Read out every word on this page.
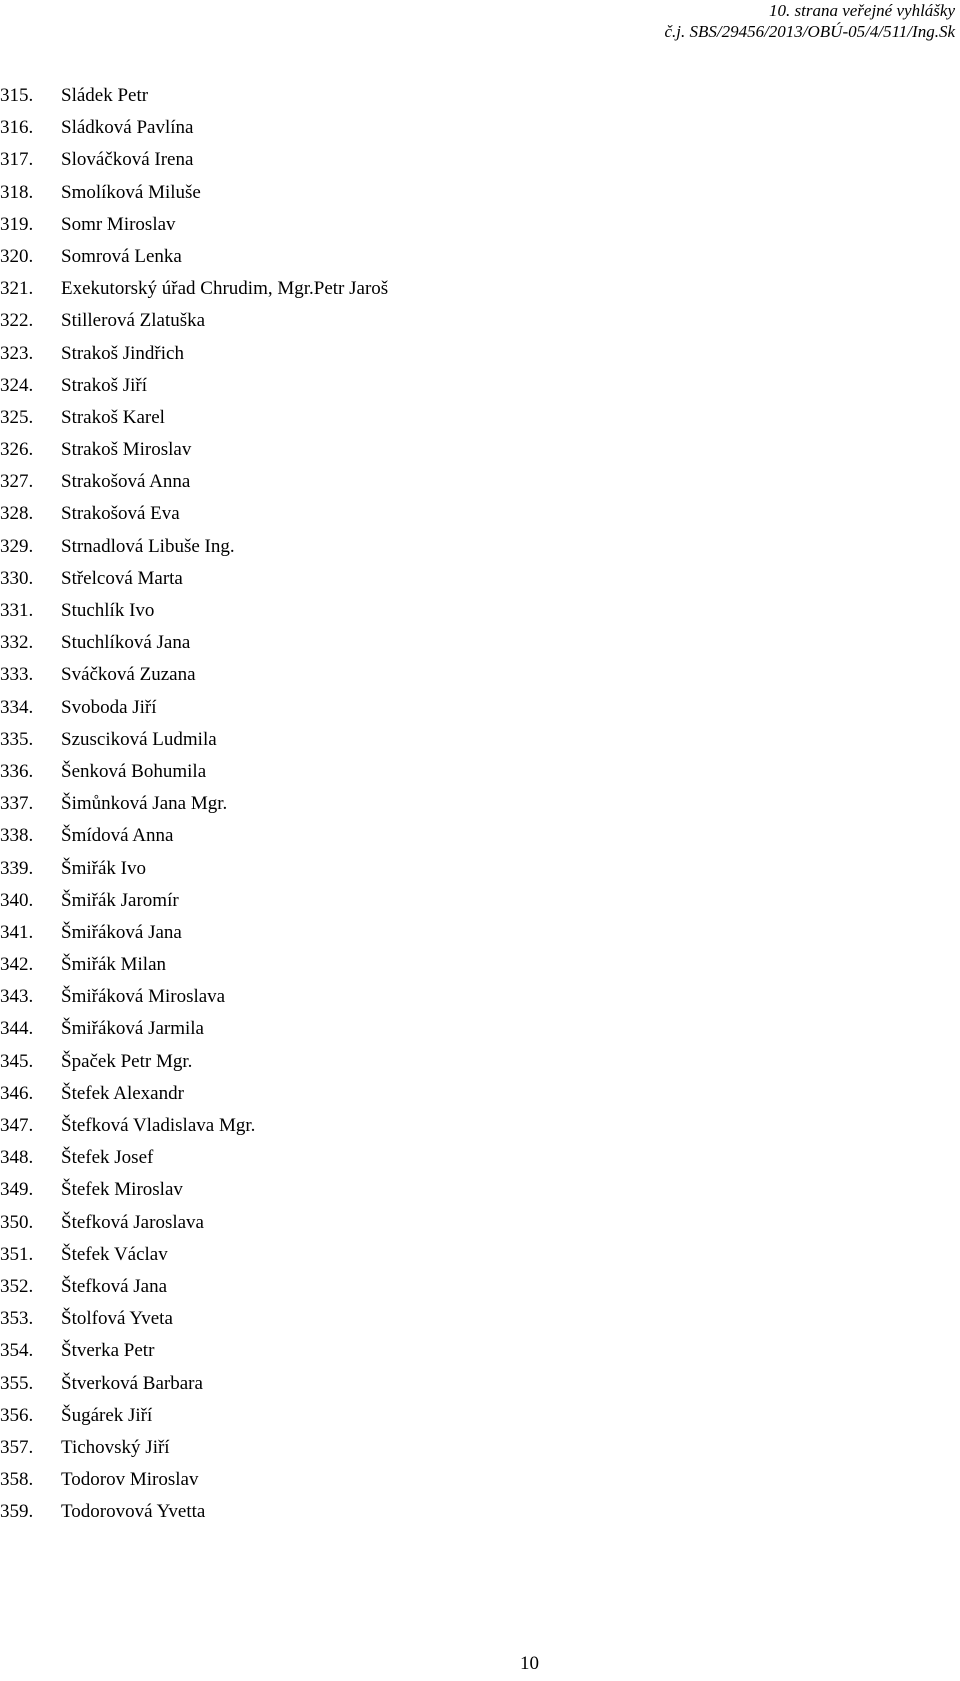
10. strana veřejné vyhlášky
č.j. SBS/29456/2013/OBÚ-05/4/511/Ing.Sk
315.	Sládek Petr
316.	Sládková Pavlína
317.	Slováčková Irena
318.	Smolíková Miluše
319.	Somr Miroslav
320.	Somrová Lenka
321.	Exekutorský úřad Chrudim, Mgr.Petr Jaroš
322.	Stillerová Zlatuška
323.	Strakoš Jindřich
324.	Strakoš Jiří
325.	Strakoš Karel
326.	Strakoš Miroslav
327.	Strakošová Anna
328.	Strakošová Eva
329.	Strnadlová Libuše Ing.
330.	Střelcová Marta
331.	Stuchlík Ivo
332.	Stuchlíková Jana
333.	Sváčková Zuzana
334.	Svoboda Jiří
335.	Szusciková Ludmila
336.	Šenková Bohumila
337.	Šimůnková Jana Mgr.
338.	Šmídová Anna
339.	Šmiřák Ivo
340.	Šmiřák Jaromír
341.	Šmiřáková Jana
342.	Šmiřák Milan
343.	Šmiřáková Miroslava
344.	Šmiřáková Jarmila
345.	Špaček Petr Mgr.
346.	Štefek Alexandr
347.	Štefková Vladislava Mgr.
348.	Štefek Josef
349.	Štefek Miroslav
350.	Štefková Jaroslava
351.	Štefek Václav
352.	Štefková Jana
353.	Štolfová Yveta
354.	Štverka Petr
355.	Štverková Barbara
356.	Šugárek Jiří
357.	Tichovský Jiří
358.	Todorov Miroslav
359.	Todorovová Yvetta
10
